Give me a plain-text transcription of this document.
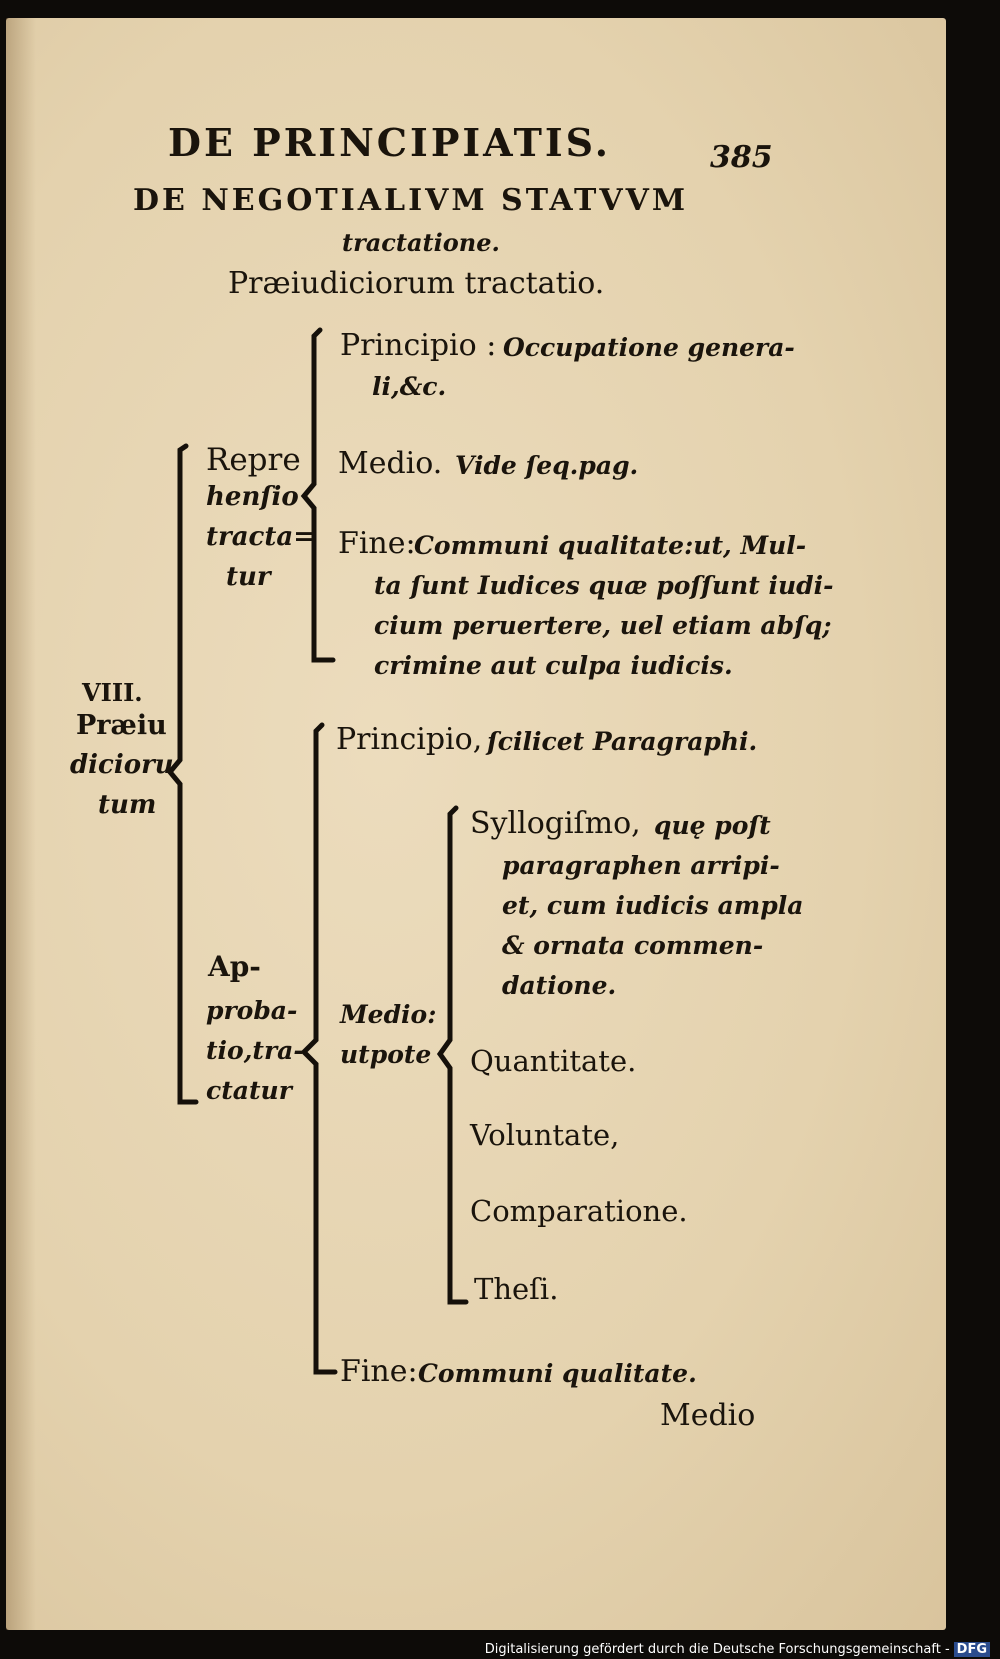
DE PRINCIPIATIS.	385
DE NEGOTIALIVM STATVVM
tractatione.
Præiudiciorum tractatio.
VIII.
Præiu
dicioru
tum
Repre
henſio
tracta=
tur
Principio : Occupatione genera-
li,&c.
Medio. Vide ſeq.pag.
Fine:
Communi qualitate:ut, Mul-
ta ſunt Iudices quæ poſſunt iudi-
cium peruertere, uel etiam abſq;
crimine aut culpa iudicis.
Ap-
proba-
tio,tra-
ctatur
Principio, ſcilicet Paragraphi.
Medio:
utpote
Syllogiſmo, quę poſt
paragraphen arripi-
et, cum iudicis ampla
& ornata commen-
datione.
Quantitate.
Voluntate,
Comparatione.
Theſi.
Fine: Communi qualitate.
Medio
Digitalisierung gefördert durch die Deutsche Forschungsgemeinschaft - DFG
